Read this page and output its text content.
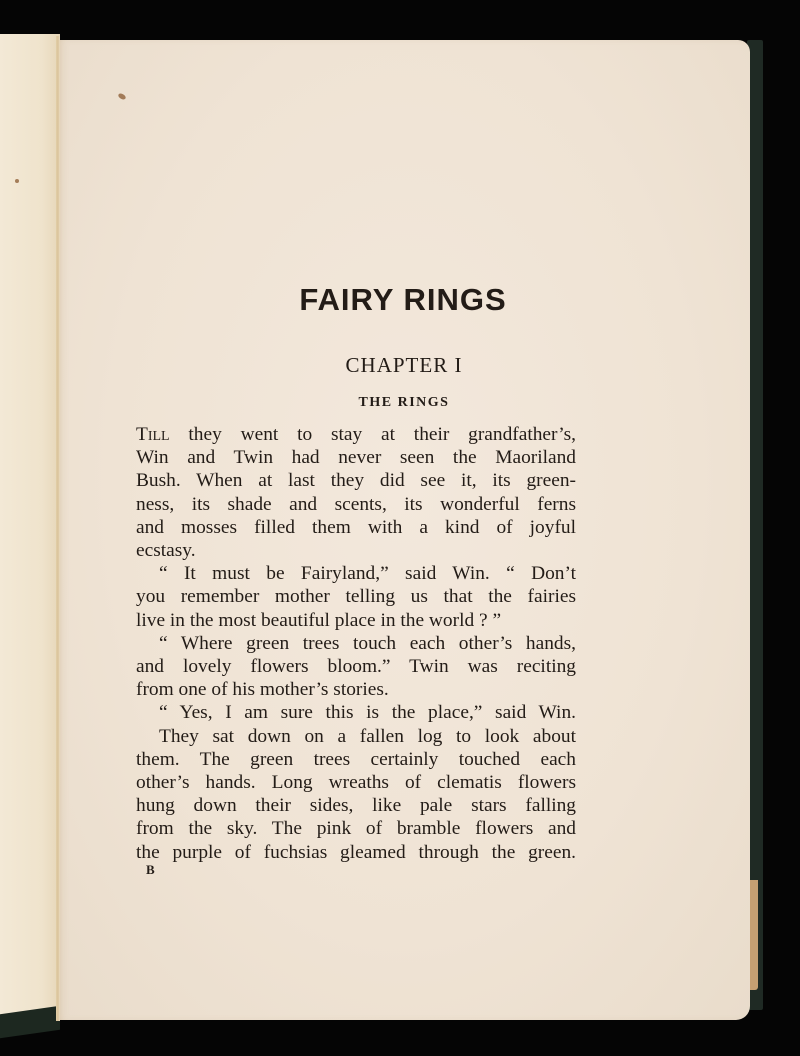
FAIRY RINGS
CHAPTER I
THE RINGS
Till they went to stay at their grandfather’s,
Win and Twin had never seen the Maoriland
Bush. When at last they did see it, its green-
ness, its shade and scents, its wonderful ferns
and mosses filled them with a kind of joyful
ecstasy.
“ It must be Fairyland,” said Win. “ Don’t
you remember mother telling us that the fairies
live in the most beautiful place in the world ? ”
“ Where green trees touch each other’s hands,
and lovely flowers bloom.” Twin was reciting
from one of his mother’s stories.
“ Yes, I am sure this is the place,” said Win.
They sat down on a fallen log to look about
them. The green trees certainly touched each
other’s hands. Long wreaths of clematis flowers
hung down their sides, like pale stars falling
from the sky. The pink of bramble flowers and
the purple of fuchsias gleamed through the green.
B
